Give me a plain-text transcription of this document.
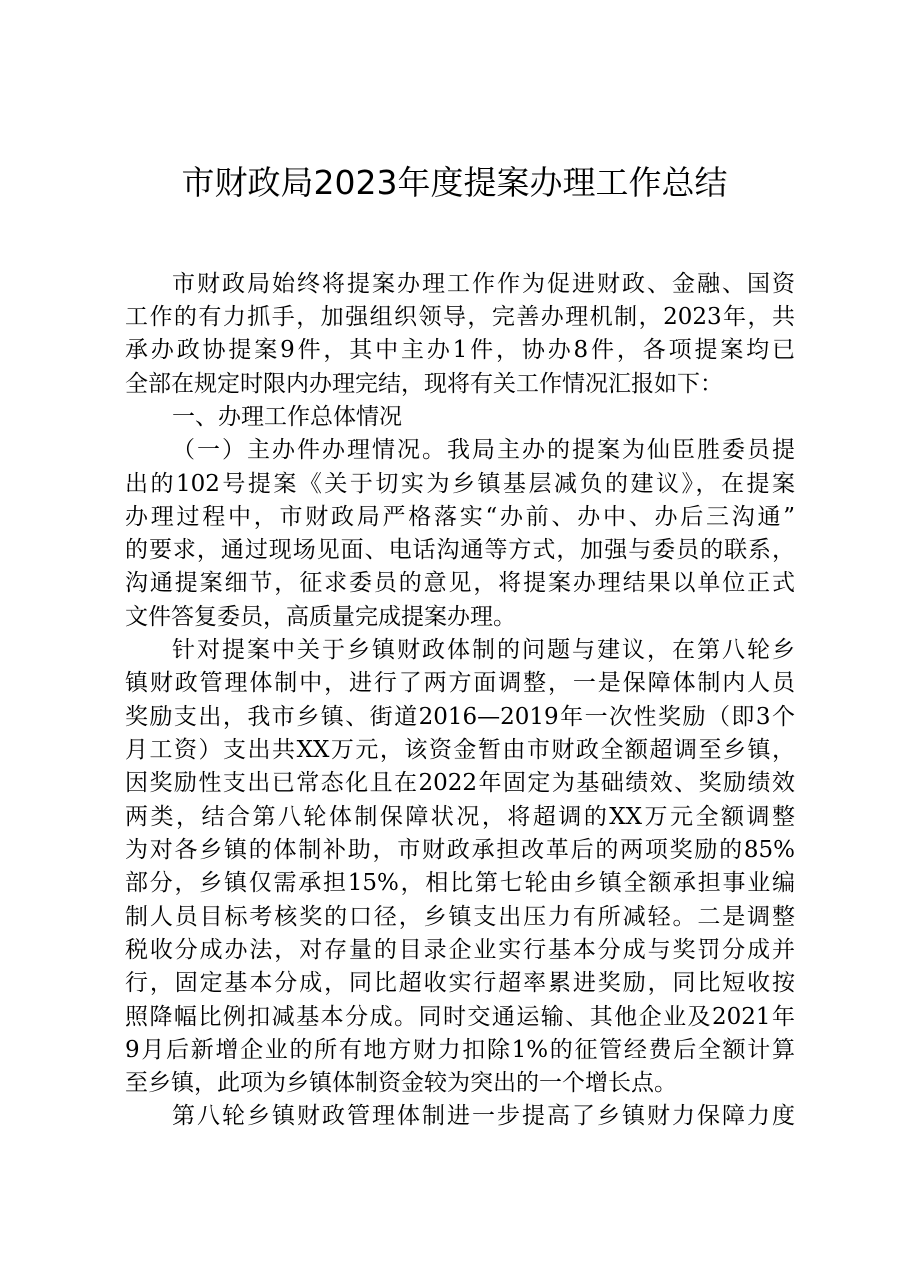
市财政局2023年度提案办理工作总结
市财政局始终将提案办理工作作为促进财政、金融、国资
工作的有力抓手，加强组织领导，完善办理机制，2023年，共
承办政协提案9件，其中主办1件，协办8件，各项提案均已
全部在规定时限内办理完结，现将有关工作情况汇报如下：
一、办理工作总体情况
（一）主办件办理情况。我局主办的提案为仙臣胜委员提
出的102号提案《关于切实为乡镇基层减负的建议》，在提案
办理过程中，市财政局严格落实“办前、办中、办后三沟通”
的要求，通过现场见面、电话沟通等方式，加强与委员的联系，
沟通提案细节，征求委员的意见，将提案办理结果以单位正式
文件答复委员，高质量完成提案办理。
针对提案中关于乡镇财政体制的问题与建议，在第八轮乡
镇财政管理体制中，进行了两方面调整，一是保障体制内人员
奖励支出，我市乡镇、街道2016—2019年一次性奖励（即3个
月工资）支出共XX万元，该资金暂由市财政全额超调至乡镇，
因奖励性支出已常态化且在2022年固定为基础绩效、奖励绩效
两类，结合第八轮体制保障状况，将超调的XX万元全额调整
为对各乡镇的体制补助，市财政承担改革后的两项奖励的85%
部分，乡镇仅需承担15%，相比第七轮由乡镇全额承担事业编
制人员目标考核奖的口径，乡镇支出压力有所减轻。二是调整
税收分成办法，对存量的目录企业实行基本分成与奖罚分成并
行，固定基本分成，同比超收实行超率累进奖励，同比短收按
照降幅比例扣减基本分成。同时交通运输、其他企业及2021年
9月后新增企业的所有地方财力扣除1%的征管经费后全额计算
至乡镇，此项为乡镇体制资金较为突出的一个增长点。
第八轮乡镇财政管理体制进一步提高了乡镇财力保障力度
